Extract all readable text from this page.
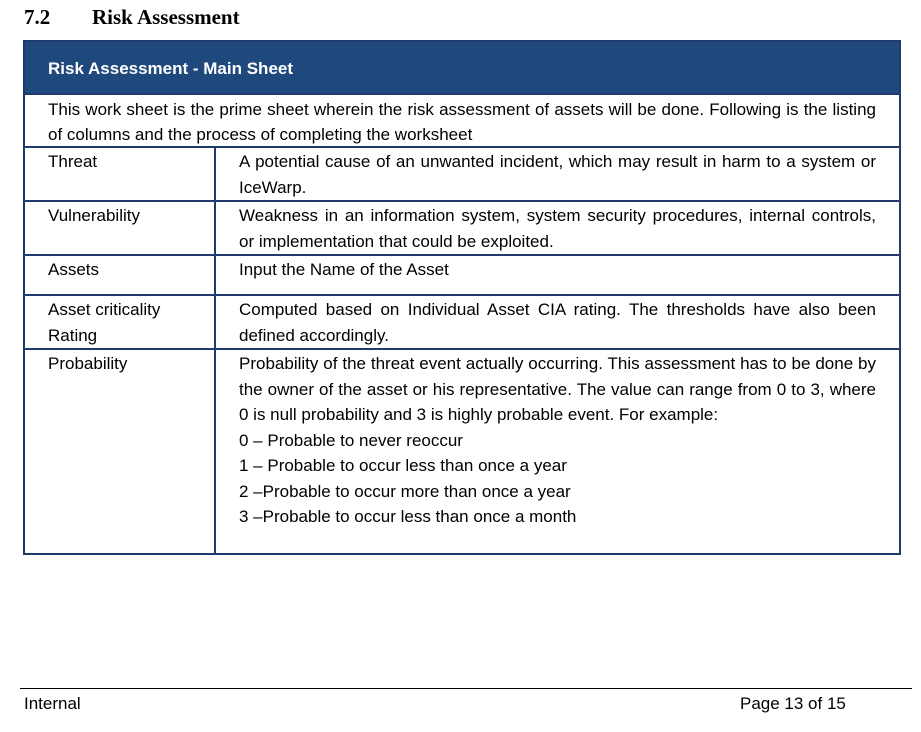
7.2 Risk Assessment
Risk Assessment - Main Sheet
This work sheet is the prime sheet wherein the risk assessment of assets will be done. Following is the listing of columns and the process of completing the worksheet
Threat	A potential cause of an unwanted incident, which may result in harm to a system or IceWarp.
Vulnerability	Weakness in an information system, system security procedures, internal controls, or implementation that could be exploited.
Assets	Input the Name of the Asset
Asset criticality Rating	Computed based on Individual Asset CIA rating. The thresholds have also been defined accordingly.
Probability	Probability of the threat event actually occurring. This assessment has to be done by the owner of the asset or his representative. The value can range from 0 to 3, where 0 is null probability and 3 is highly probable event. For example:
0 – Probable to never reoccur
1 – Probable to occur less than once a year
2 –Probable to occur more than once a year
3 –Probable to occur less than once a month
Internal	Page 13 of 15
